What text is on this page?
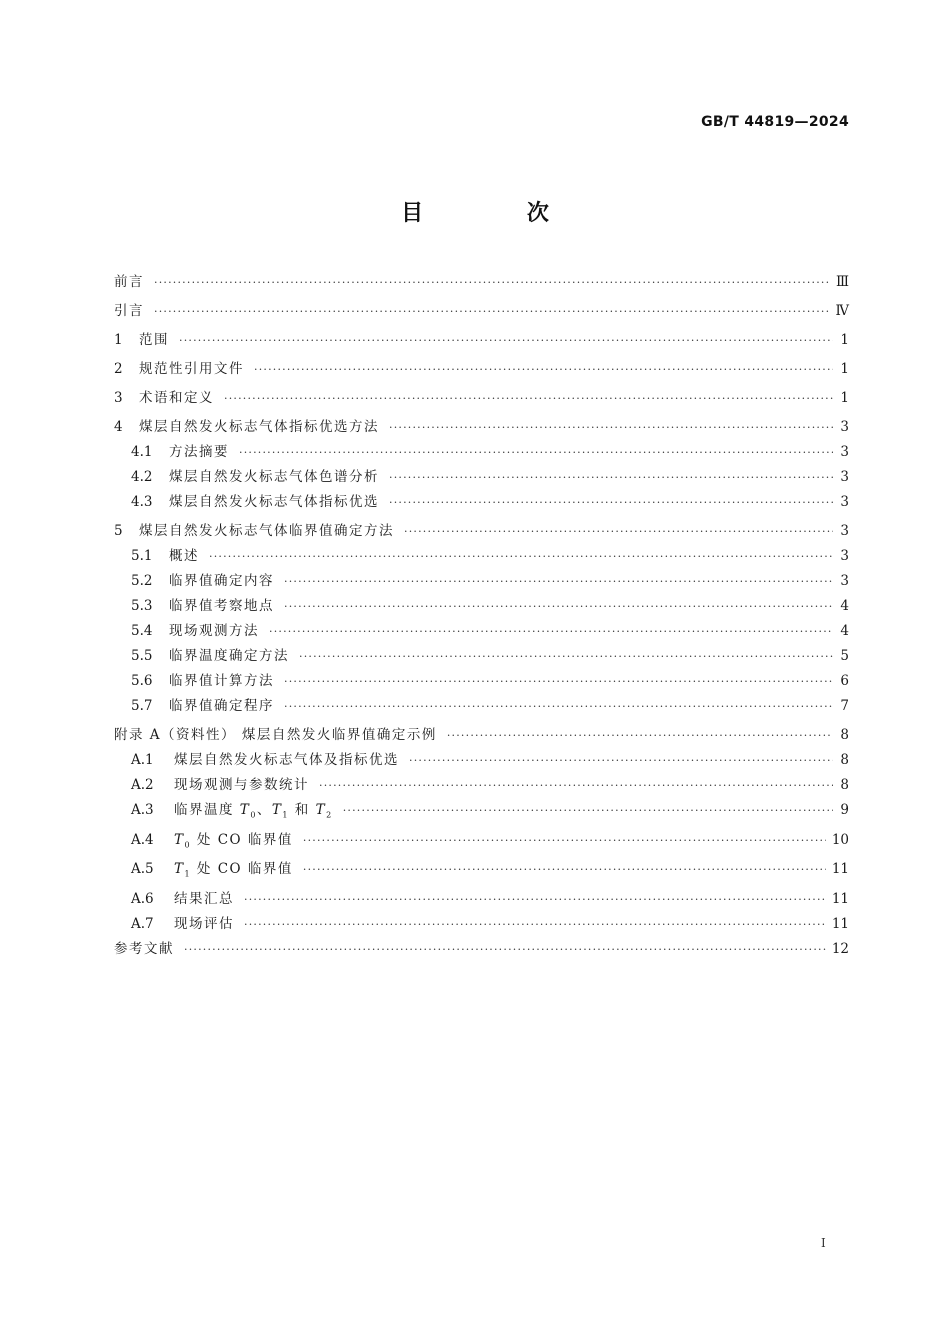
GB/T 44819—2024
目 次
前言 ·····	Ⅲ
引言 ·····	Ⅳ
1	范围 ·····	1
2	规范性引用文件 ·····	1
3	术语和定义 ·····	1
4	煤层自然发火标志气体指标优选方法 ·····	3
4.1	方法摘要 ·····	3
4.2	煤层自然发火标志气体色谱分析 ·····	3
4.3	煤层自然发火标志气体指标优选 ·····	3
5	煤层自然发火标志气体临界值确定方法 ·····	3
5.1	概述 ·····	3
5.2	临界值确定内容 ·····	3
5.3	临界值考察地点 ·····	4
5.4	现场观测方法 ·····	4
5.5	临界温度确定方法 ·····	5
5.6	临界值计算方法 ·····	6
5.7	临界值确定程序 ·····	7
附录 A（资料性） 煤层自然发火临界值确定示例 ·····	8
A.1	煤层自然发火标志气体及指标优选 ·····	8
A.2	现场观测与参数统计 ·····	8
A.3	临界温度 $T_0$、$T_1$ 和 $T_2$ ·····	9
A.4	$T_0$ 处 CO 临界值 ·····	10
A.5	$T_1$ 处 CO 临界值 ·····	11
A.6	结果汇总 ·····	11
A.7	现场评估 ·····	11
参考文献 ·····	12
I
